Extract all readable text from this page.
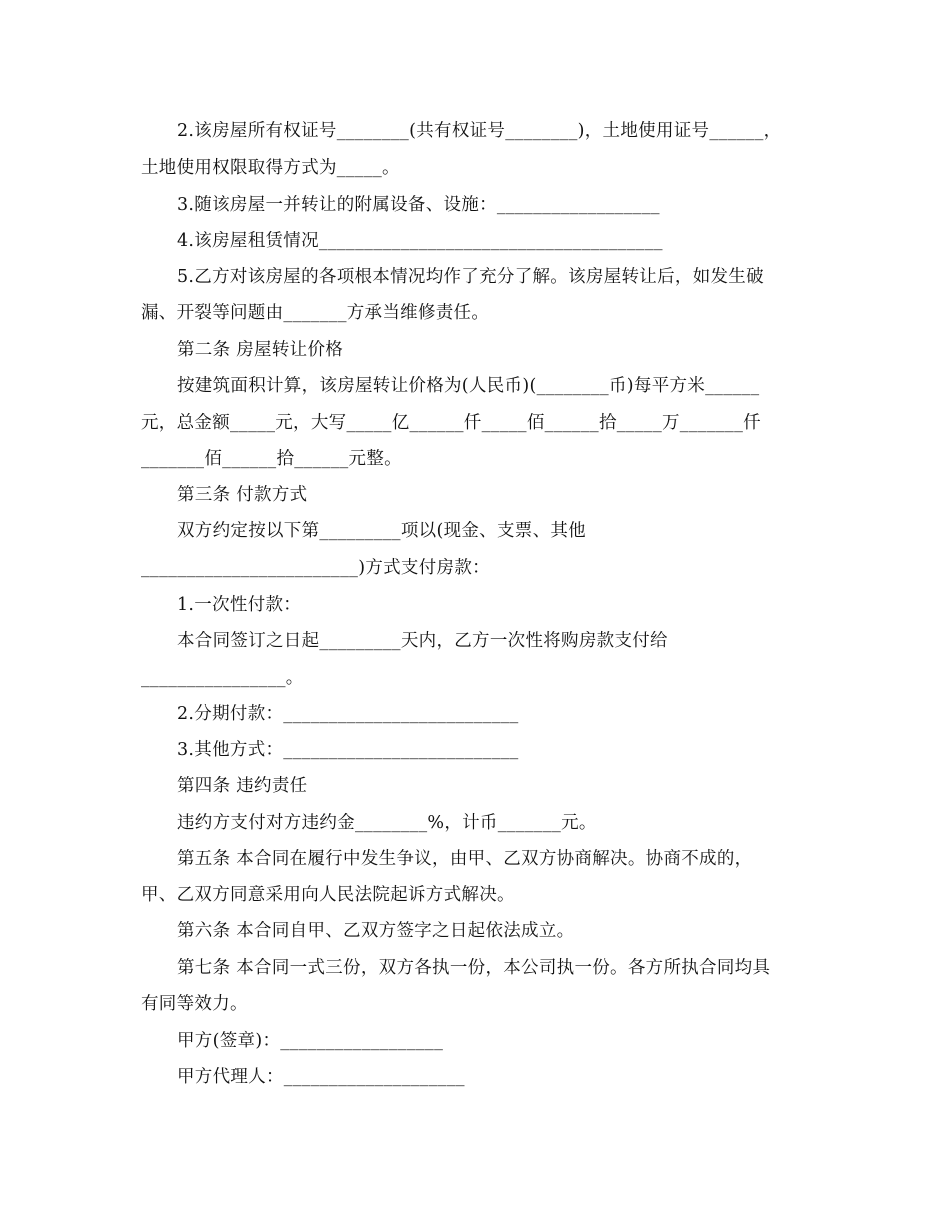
2.该房屋所有权证号________(共有权证号________)，土地使用证号______，
土地使用权限取得方式为_____。
3.随该房屋一并转让的附属设备、设施：__________________
4.该房屋租赁情况______________________________________
5.乙方对该房屋的各项根本情况均作了充分了解。该房屋转让后，如发生破
漏、开裂等问题由_______方承当维修责任。
第二条 房屋转让价格
按建筑面积计算，该房屋转让价格为(人民币)(________币)每平方米______
元，总金额_____元，大写_____亿______仟_____佰______拾_____万_______仟
_______佰______拾______元整。
第三条 付款方式
双方约定按以下第_________项以(现金、支票、其他
________________________)方式支付房款：
1.一次性付款：
本合同签订之日起_________天内，乙方一次性将购房款支付给
________________。
2.分期付款：__________________________
3.其他方式：__________________________
第四条 违约责任
违约方支付对方违约金________%，计币_______元。
第五条 本合同在履行中发生争议，由甲、乙双方协商解决。协商不成的，
甲、乙双方同意采用向人民法院起诉方式解决。
第六条 本合同自甲、乙双方签字之日起依法成立。
第七条 本合同一式三份，双方各执一份，本公司执一份。各方所执合同均具
有同等效力。
甲方(签章)：__________________
甲方代理人：____________________
